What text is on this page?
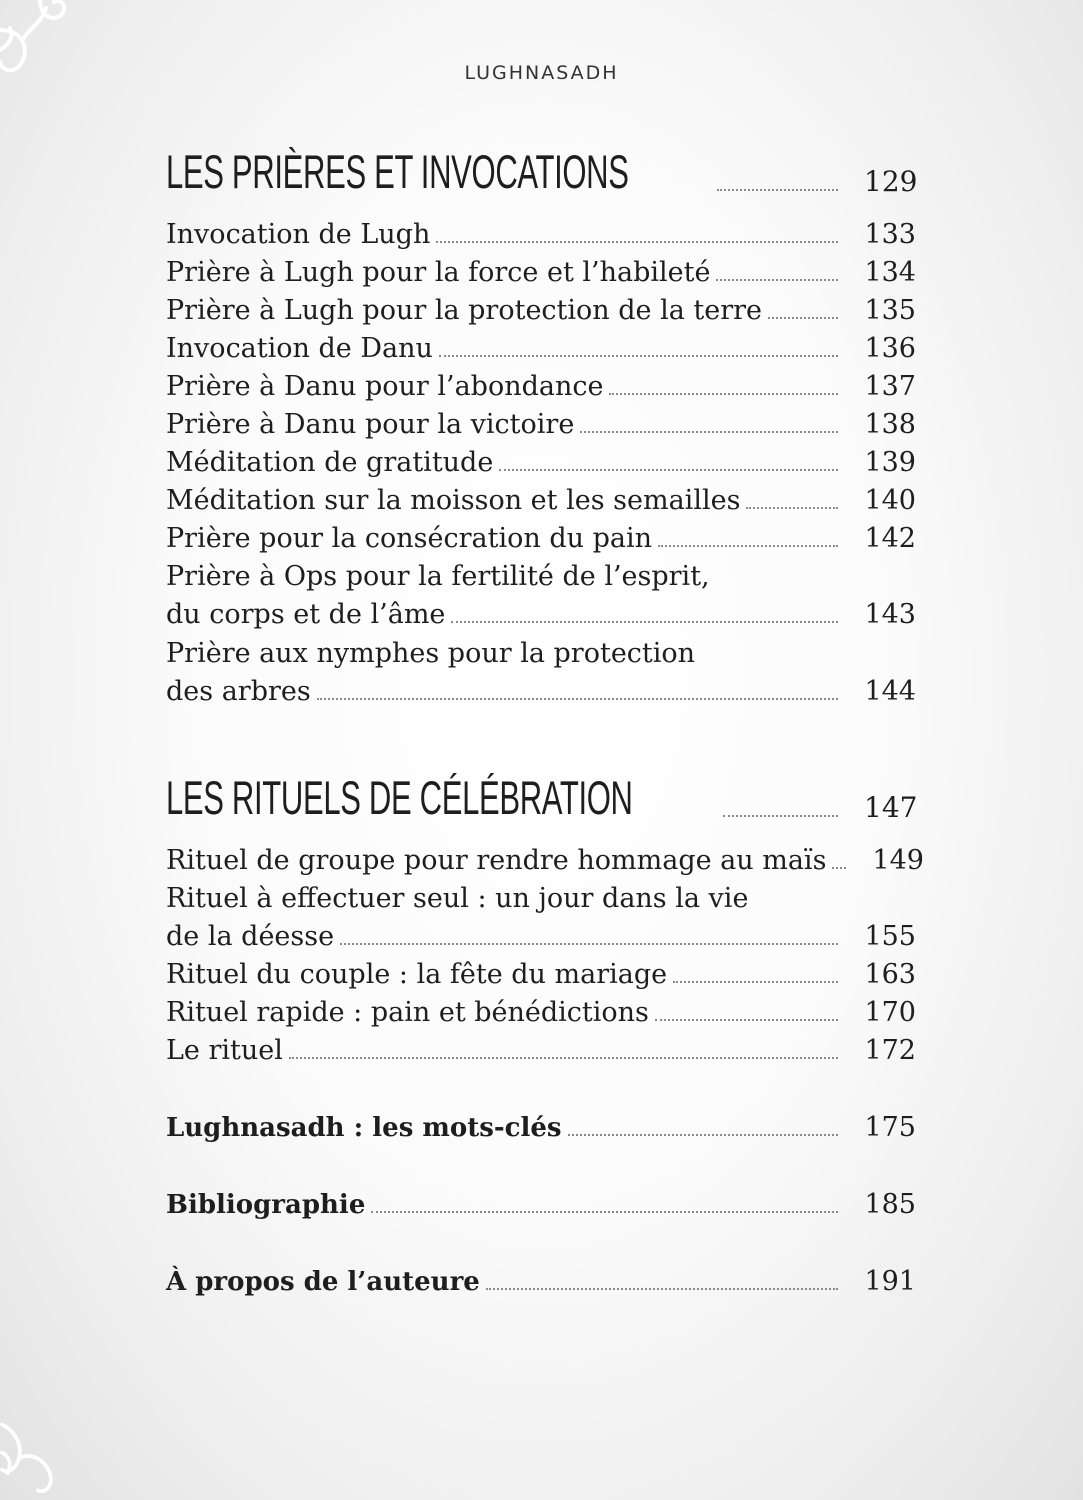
LUGHNASADH
LES PRIÈRES ET INVOCATIONS	129
Invocation de Lugh	133
Prière à Lugh pour la force et l’habileté	134
Prière à Lugh pour la protection de la terre	135
Invocation de Danu	136
Prière à Danu pour l’abondance	137
Prière à Danu pour la victoire	138
Méditation de gratitude	139
Méditation sur la moisson et les semailles	140
Prière pour la consécration du pain	142
Prière à Ops pour la fertilité de l’esprit,
du corps et de l’âme	143
Prière aux nymphes pour la protection
des arbres	144
LES RITUELS DE CÉLÉBRATION	147
Rituel de groupe pour rendre hommage au maïs 149
Rituel à effectuer seul : un jour dans la vie
de la déesse	155
Rituel du couple : la fête du mariage	163
Rituel rapide : pain et bénédictions	170
Le rituel	172
Lughnasadh : les mots-clés	175
Bibliographie	185
À propos de l’auteure	191
